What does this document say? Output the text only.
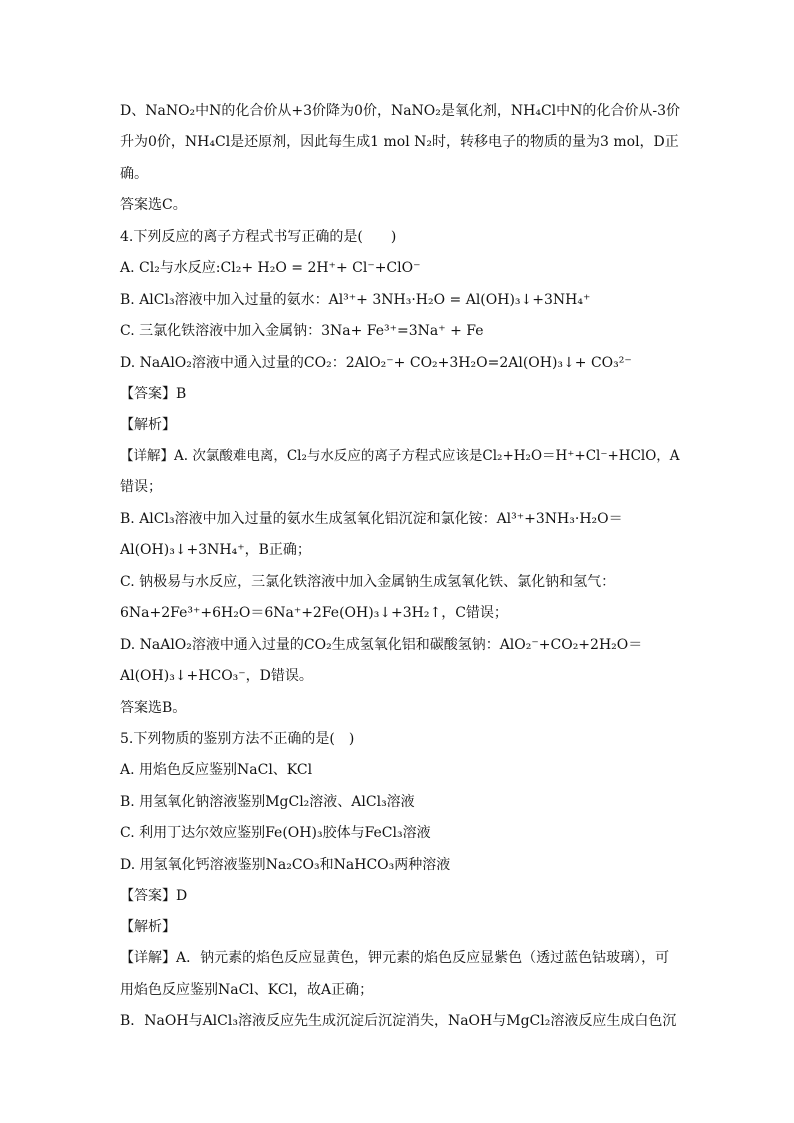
D、NaNO₂中N的化合价从+3价降为0价，NaNO₂是氧化剂，NH₄Cl中N的化合价从-3价
升为0价，NH₄Cl是还原剂，因此每生成1 mol N₂时，转移电子的物质的量为3 mol，D正
确。
答案选C。
4.下列反应的离子方程式书写正确的是(　　)
A. Cl₂与水反应:Cl₂+ H₂O = 2H⁺+ Cl⁻+ClO⁻
B. AlCl₃溶液中加入过量的氨水：Al³⁺+ 3NH₃·H₂O = Al(OH)₃↓+3NH₄⁺
C. 三氯化铁溶液中加入金属钠：3Na+ Fe³⁺=3Na⁺ + Fe
D. NaAlO₂溶液中通入过量的CO₂：2AlO₂⁻+ CO₂+3H₂O=2Al(OH)₃↓+ CO₃²⁻
【答案】B
【解析】
【详解】A. 次氯酸难电离，Cl₂与水反应的离子方程式应该是Cl₂+H₂O＝H⁺+Cl⁻+HClO，A
错误；
B. AlCl₃溶液中加入过量的氨水生成氢氧化铝沉淀和氯化铵：Al³⁺+3NH₃·H₂O＝
Al(OH)₃↓+3NH₄⁺，B正确；
C. 钠极易与水反应，三氯化铁溶液中加入金属钠生成氢氧化铁、氯化钠和氢气：
6Na+2Fe³⁺+6H₂O＝6Na⁺+2Fe(OH)₃↓+3H₂↑，C错误；
D. NaAlO₂溶液中通入过量的CO₂生成氢氧化铝和碳酸氢钠：AlO₂⁻+CO₂+2H₂O＝
Al(OH)₃↓+HCO₃⁻，D错误。
答案选B。
5.下列物质的鉴别方法不正确的是(　)
A. 用焰色反应鉴别NaCl、KCl
B. 用氢氧化钠溶液鉴别MgCl₂溶液、AlCl₃溶液
C. 利用丁达尔效应鉴别Fe(OH)₃胶体与FeCl₃溶液
D. 用氢氧化钙溶液鉴别Na₂CO₃和NaHCO₃两种溶液
【答案】D
【解析】
【详解】A．钠元素的焰色反应显黄色，钾元素的焰色反应显紫色（透过蓝色钴玻璃），可
用焰色反应鉴别NaCl、KCl，故A正确；
B．NaOH与AlCl₃溶液反应先生成沉淀后沉淀消失，NaOH与MgCl₂溶液反应生成白色沉
